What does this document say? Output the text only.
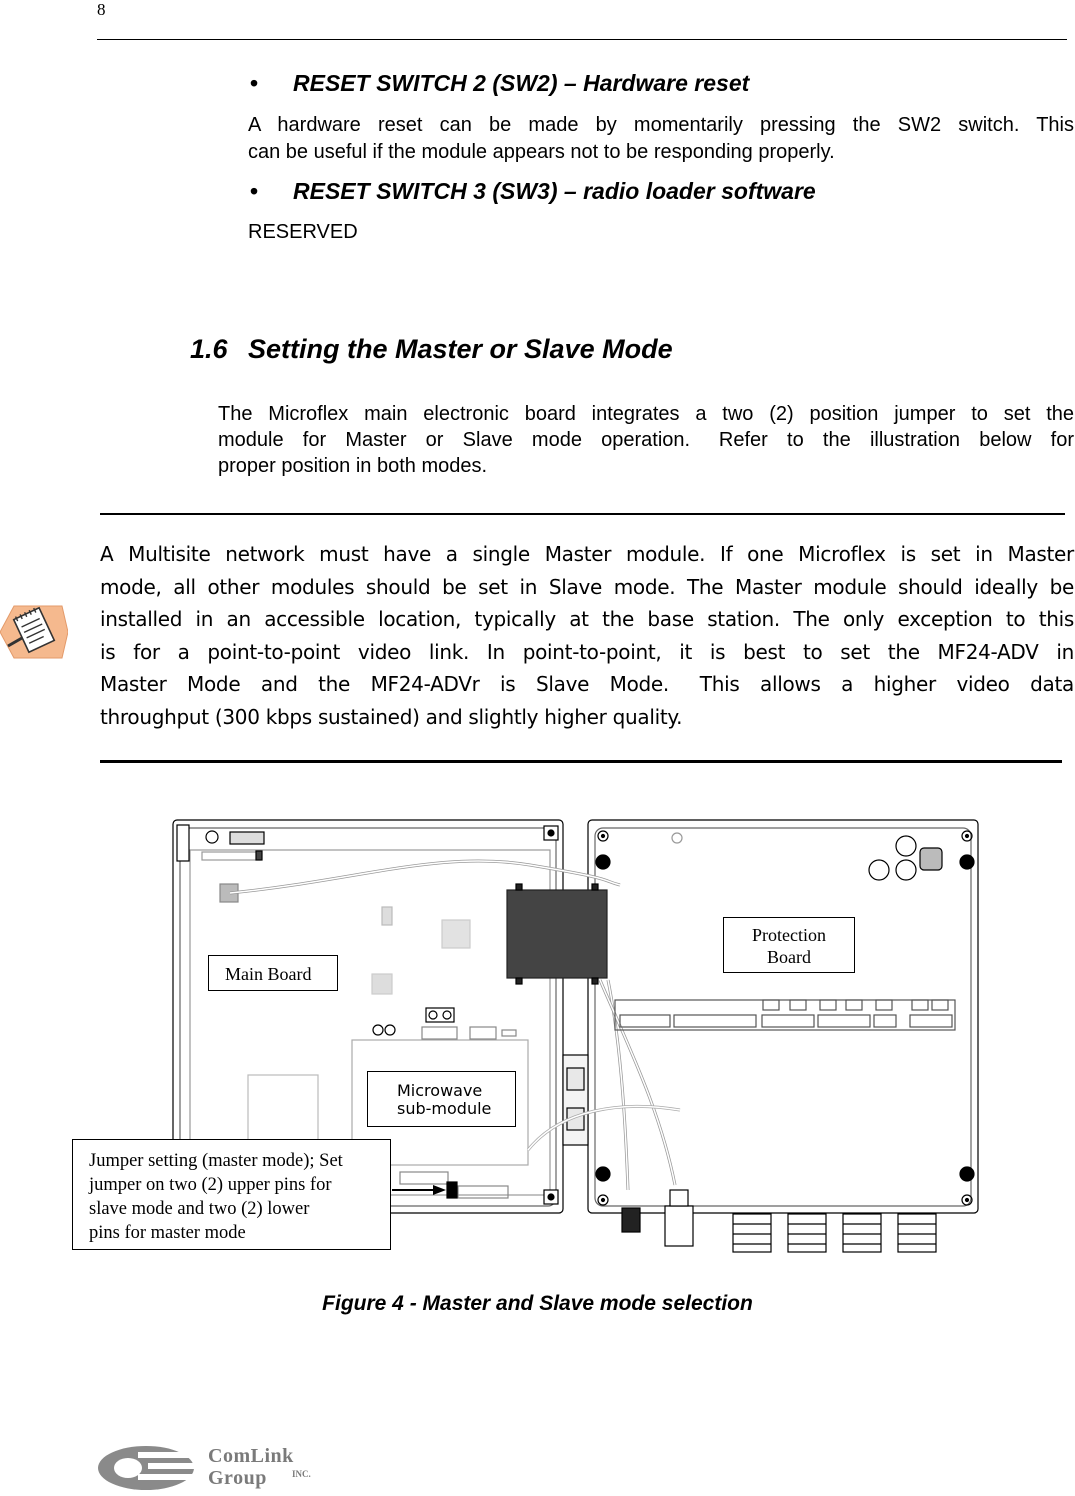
8
• RESET SWITCH 2 (SW2) – Hardware reset
A hardware reset can be made by momentarily pressing the SW2 switch. This
can be useful if the module appears not to be responding properly.
• RESET SWITCH 3 (SW3) – radio loader software
RESERVED
1.6 Setting the Master or Slave Mode
The Microflex main electronic board integrates a two (2) position jumper to set the
module  for  Master  or  Slave  mode  operation.   Refer  to  the  illustration  below  for
proper position in both modes.
A Multisite network must have a single Master module. If one Microflex is set in Master
mode, all other modules should be set in Slave mode. The Master module should ideally be
installed in an accessible location, typically at the base station. The only exception to this
is for a point-to-point video link. In point-to-point, it is best to set the MF24-ADV in
Master  Mode  and  the  MF24-ADVr  is  Slave  Mode.   This  allows  a  higher  video  data
throughput (300 kbps sustained) and slightly higher quality.
Main Board
Protection
Board
Microwave
sub-module
Jumper setting (master mode); Set
jumper on two (2) upper pins for
slave mode and two (2) lower
pins for master mode
Figure 4 - Master and Slave mode selection
ComLink
Group	INC.
